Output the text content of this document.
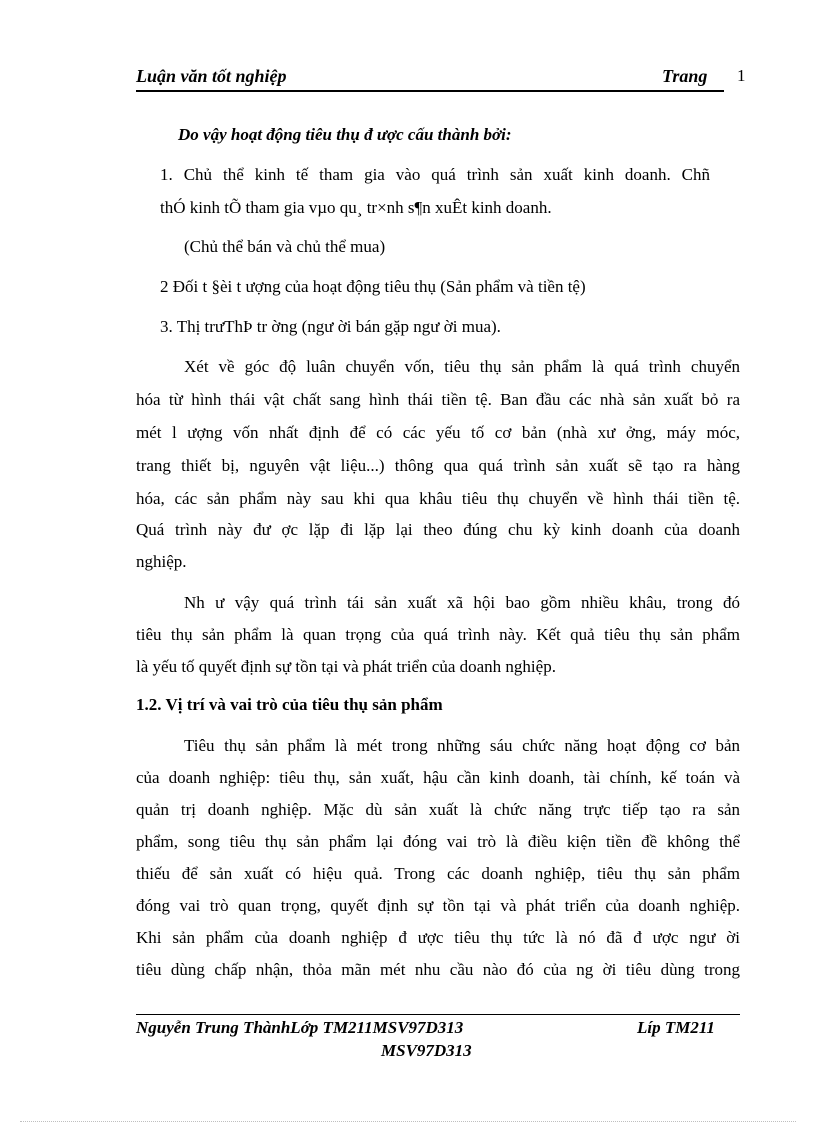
Luận văn tốt nghiệp	Trang 1
Do vậy hoạt động tiêu thụ đ ược cấu thành bởi:
1. Chủ thể kinh tế tham gia vào quá trình sản xuất kinh doanh. Chñ
thÓ kinh tÕ tham gia vµo qu¸ tr×nh s¶n xuÊt kinh doanh.
(Chủ thể bán và chủ thể mua)
2 Đối t §èi t ượng của hoạt động tiêu thụ (Sản phẩm và tiền tệ)
3. Thị trưThÞ tr ờng (ngư ời bán gặp ngư ời mua).
Xét về góc độ luân chuyển vốn, tiêu thụ sản phẩm là quá trình chuyển
hóa từ hình thái vật chất sang hình thái tiền tệ. Ban đầu các nhà sản xuất bỏ ra
mét l ượng vốn nhất định để có các yếu tố cơ bản (nhà xư ởng, máy móc,
trang thiết bị, nguyên vật liệu...) thông qua quá trình sản xuất sẽ tạo ra hàng
hóa, các sản phẩm này sau khi qua khâu tiêu thụ chuyển về hình thái tiền tệ.
Quá trình này đư ợc lặp đi lặp lại theo đúng chu kỳ kinh doanh của doanh
nghiệp.
Nh ư vậy quá trình tái sản xuất xã hội bao gồm nhiều khâu, trong đó
tiêu thụ sản phẩm là quan trọng của quá trình này. Kết quả tiêu thụ sản phẩm
là yếu tố quyết định sự tồn tại và phát triển của doanh nghiệp.
1.2. Vị trí và vai trò của tiêu thụ sản phẩm
Tiêu thụ sản phẩm là mét trong những sáu chức năng hoạt động cơ bản
của doanh nghiệp: tiêu thụ, sản xuất, hậu cần kinh doanh, tài chính, kế toán và
quản trị doanh nghiệp. Mặc dù sản xuất là chức năng trực tiếp tạo ra sản
phẩm, song tiêu thụ sản phẩm lại đóng vai trò là điều kiện tiền đề không thể
thiếu để sản xuất có hiệu quả. Trong các doanh nghiệp, tiêu thụ sản phẩm
đóng vai trò quan trọng, quyết định sự tồn tại và phát triển của doanh nghiệp.
Khi sản phẩm của doanh nghiệp đ ược tiêu thụ tức là nó đã đ ược ngư ời
tiêu dùng chấp nhận, thỏa mãn mét nhu cầu nào đó của ng ời tiêu dùng trong
Nguyễn Trung ThànhLớp TM211MSV97D313	Líp TM211
MSV97D313
